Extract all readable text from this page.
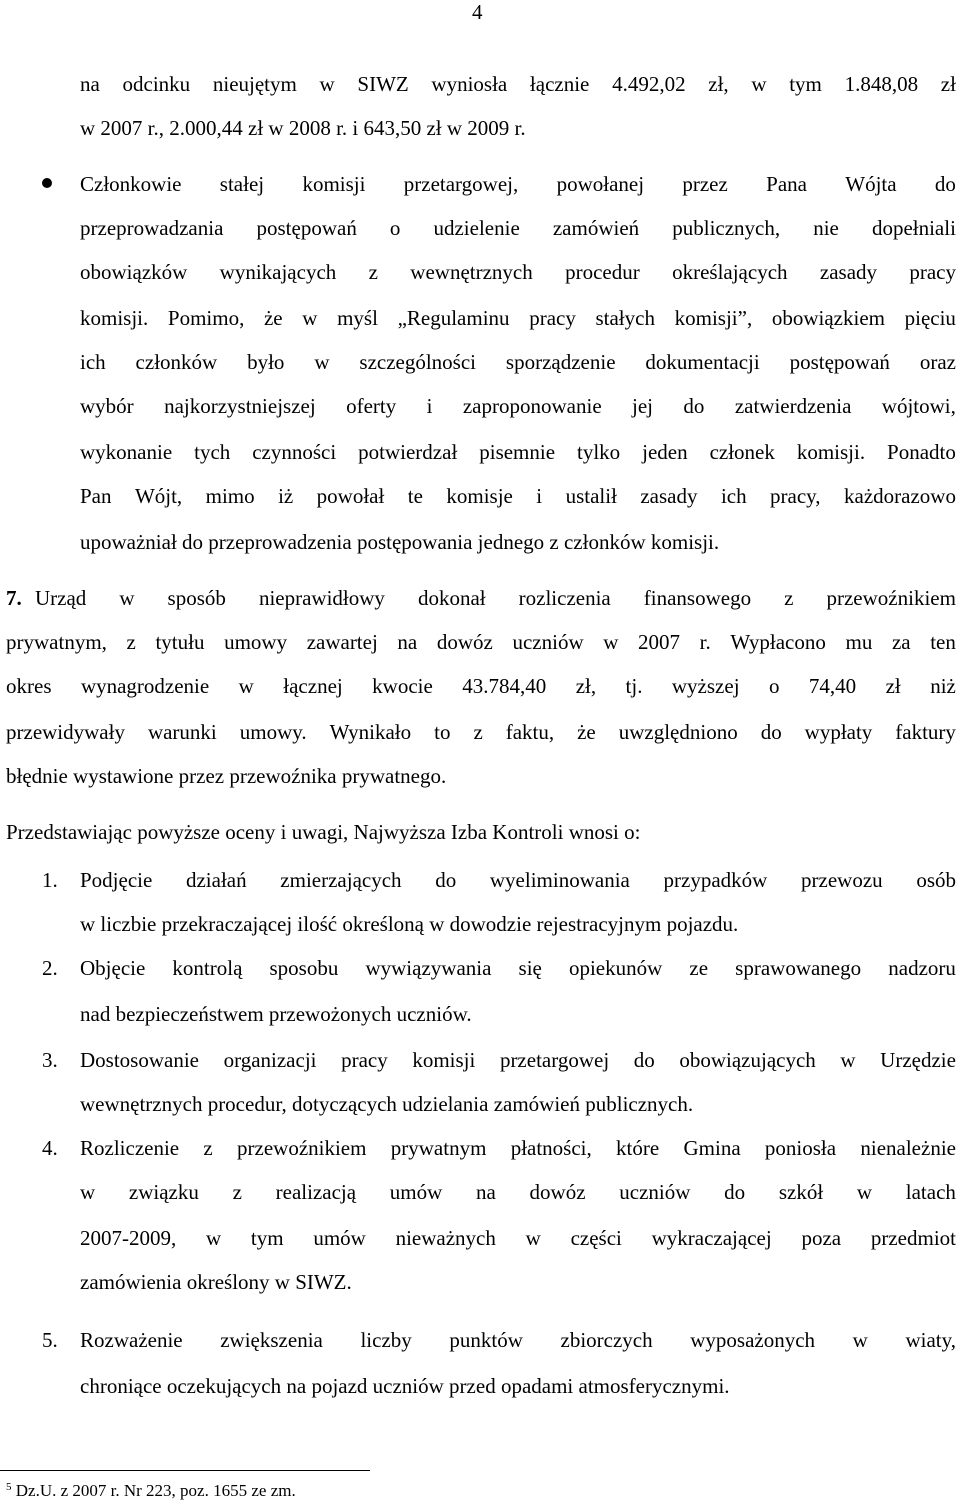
4
na odcinku nieujętym w SIWZ wyniosła łącznie 4.492,02 zł, w tym 1.848,08 zł
w 2007 r., 2.000,44 zł w 2008 r. i 643,50 zł w 2009 r.
Członkowie stałej komisji przetargowej, powołanej przez Pana Wójta do
przeprowadzania postępowań o udzielenie zamówień publicznych, nie dopełniali
obowiązków wynikających z wewnętrznych procedur określających zasady pracy
komisji. Pomimo, że w myśl „Regulaminu pracy stałych komisji”, obowiązkiem pięciu
ich członków było w szczególności sporządzenie dokumentacji postępowań oraz
wybór najkorzystniejszej oferty i zaproponowanie jej do zatwierdzenia wójtowi,
wykonanie tych czynności potwierdzał pisemnie tylko jeden członek komisji. Ponadto
Pan Wójt, mimo iż powołał te komisje i ustalił zasady ich pracy, każdorazowo
upoważniał do przeprowadzenia postępowania jednego z członków komisji.
7. Urząd w sposób nieprawidłowy dokonał rozliczenia finansowego z przewoźnikiem
prywatnym, z tytułu umowy zawartej na dowóz uczniów w 2007 r. Wypłacono mu za ten
okres wynagrodzenie w łącznej kwocie 43.784,40 zł, tj. wyższej o 74,40 zł niż
przewidywały warunki umowy. Wynikało to z faktu, że uwzględniono do wypłaty faktury
błędnie wystawione przez przewoźnika prywatnego.
Przedstawiając powyższe oceny i uwagi, Najwyższa Izba Kontroli wnosi o:
1. Podjęcie działań zmierzających do wyeliminowania przypadków przewozu osób
w liczbie przekraczającej ilość określoną w dowodzie rejestracyjnym pojazdu.
2. Objęcie kontrolą sposobu wywiązywania się opiekunów ze sprawowanego nadzoru
nad bezpieczeństwem przewożonych uczniów.
3. Dostosowanie organizacji pracy komisji przetargowej do obowiązujących w Urzędzie
wewnętrznych procedur, dotyczących udzielania zamówień publicznych.
4. Rozliczenie z przewoźnikiem prywatnym płatności, które Gmina poniosła nienależnie
w związku z realizacją umów na dowóz uczniów do szkół w latach
2007-2009, w tym umów nieważnych w części wykraczającej poza przedmiot
zamówienia określony w SIWZ.
5. Rozważenie zwiększenia liczby punktów zbiorczych wyposażonych w wiaty,
chroniące oczekujących na pojazd uczniów przed opadami atmosferycznymi.
$^5$ Dz.U. z 2007 r. Nr 223, poz. 1655 ze zm.
